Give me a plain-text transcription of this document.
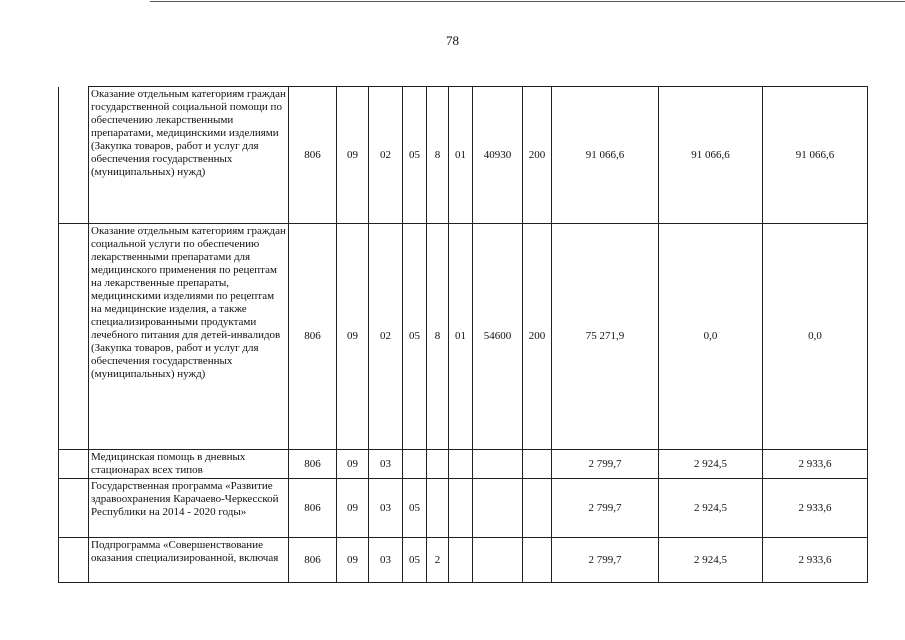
78
	Оказание отдельным категориям граждан государственной социальной помощи по обеспечению лекарственными препаратами, медицинскими изделиями (Закупка товаров, работ и услуг для обеспечения государственных (муниципальных) нужд)	806	09	02	05	8	01	40930	200	91 066,6	91 066,6	91 066,6
	Оказание отдельным категориям граждан социальной услуги по обеспечению лекарственными препаратами для медицинского применения по рецептам на лекарственные препараты, медицинскими изделиями по рецептам на медицинские изделия, а также специализированными продуктами лечебного питания для детей-инвалидов (Закупка товаров, работ и услуг для обеспечения государственных (муниципальных) нужд)	806	09	02	05	8	01	54600	200	75 271,9	0,0	0,0
	Медицинская помощь в дневных стационарах всех типов	806	09	03						2 799,7	2 924,5	2 933,6
	Государственная программа «Развитие здравоохранения Карачаево-Черкесской Республики на 2014 - 2020 годы»	806	09	03	05					2 799,7	2 924,5	2 933,6
	Подпрограмма «Совершенствование оказания специализированной, включая	806	09	03	05	2				2 799,7	2 924,5	2 933,6
